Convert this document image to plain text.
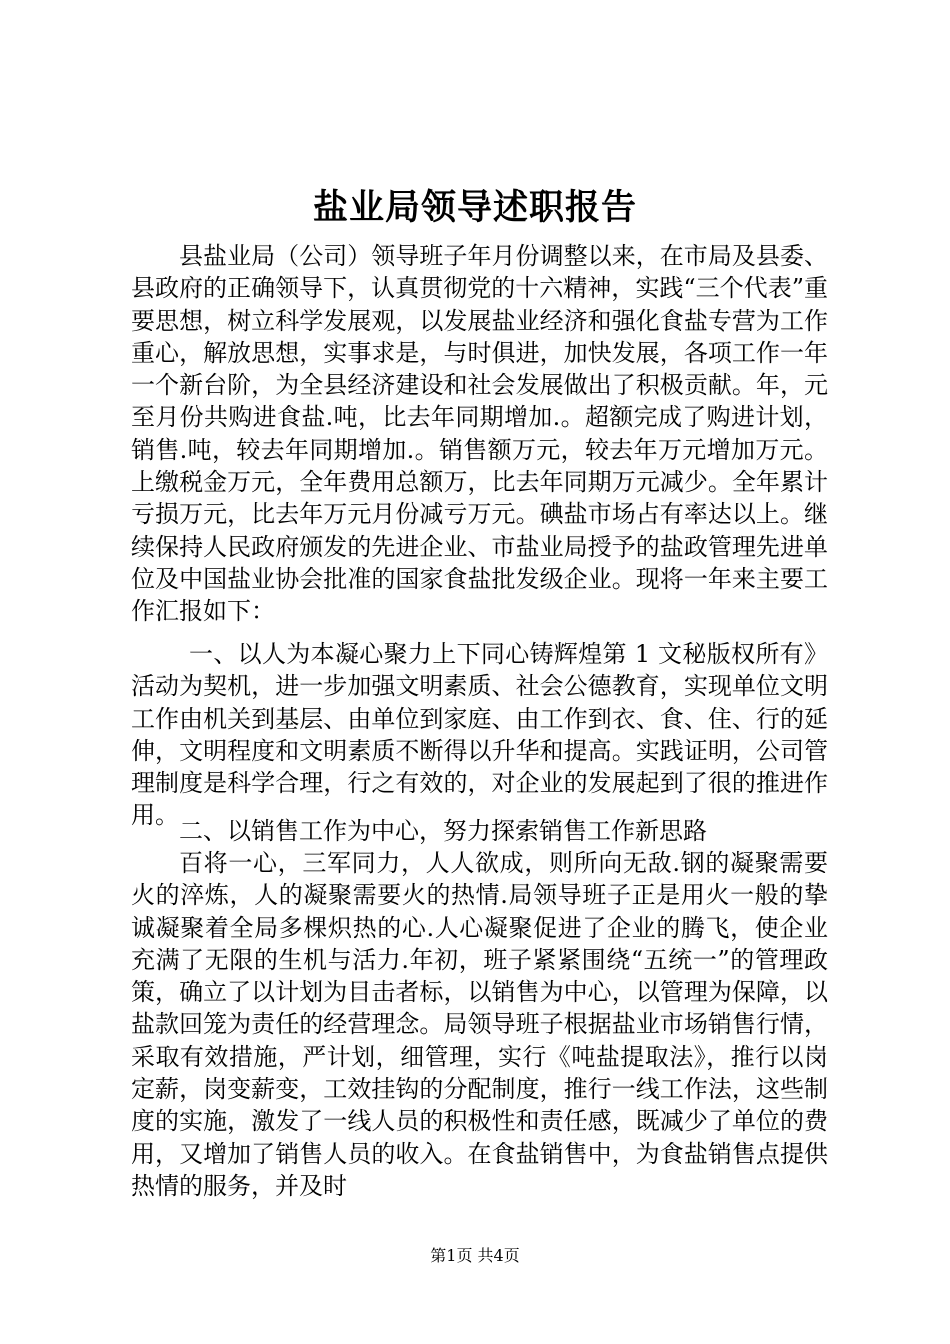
盐业局领导述职报告

县盐业局（公司）领导班子年月份调整以来，在市局及县委、县政府的正确领导下，认真贯彻党的十六精神，实践“三个代表”重要思想，树立科学发展观，以发展盐业经济和强化食盐专营为工作重心，解放思想，实事求是，与时俱进，加快发展，各项工作一年一个新台阶，为全县经济建设和社会发展做出了积极贡献。年，元至月份共购进食盐.吨，比去年同期增加.。超额完成了购进计划，销售.吨，较去年同期增加.。销售额万元，较去年万元增加万元。上缴税金万元，全年费用总额万，比去年同期万元减少。全年累计亏损万元，比去年万元月份减亏万元。碘盐市场占有率达以上。继续保持人民政府颁发的先进企业、市盐业局授予的盐政管理先进单位及中国盐业协会批准的国家食盐批发级企业。现将一年来主要工作汇报如下：

一、以人为本凝心聚力上下同心铸辉煌第 1 文秘版权所有》活动为契机，进一步加强文明素质、社会公德教育，实现单位文明工作由机关到基层、由单位到家庭、由工作到衣、食、住、行的延伸，文明程度和文明素质不断得以升华和提高。实践证明，公司管理制度是科学合理，行之有效的，对企业的发展起到了很的推进作用。

二、以销售工作为中心，努力探索销售工作新思路

百将一心，三军同力，人人欲成，则所向无敌.钢的凝聚需要火的淬炼，人的凝聚需要火的热情.局领导班子正是用火一般的挚诚凝聚着全局多棵炽热的心.人心凝聚促进了企业的腾飞，使企业充满了无限的生机与活力.年初，班子紧紧围绕“五统一”的管理政策，确立了以计划为目击者标，以销售为中心，以管理为保障，以盐款回笼为责任的经营理念。局领导班子根据盐业市场销售行情，采取有效措施，严计划，细管理，实行《吨盐提取法》，推行以岗定薪，岗变薪变，工效挂钩的分配制度，推行一线工作法，这些制度的实施，激发了一线人员的积极性和责任感，既减少了单位的费用，又增加了销售人员的收入。在食盐销售中，为食盐销售点提供热情的服务，并及时

第1页 共4页
